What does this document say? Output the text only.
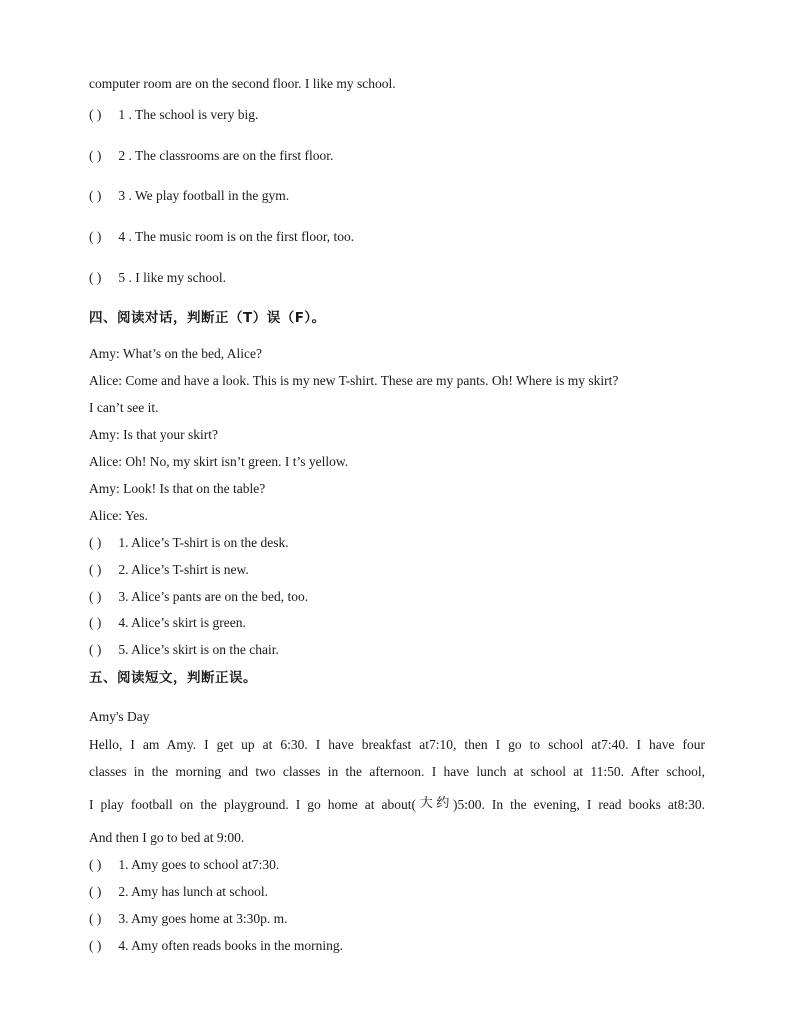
computer room are on the second floor. I like my school.
( ) 1 . The school is very big.
( ) 2 . The classrooms are on the first floor.
( ) 3 . We play football in the gym.
( ) 4 . The music room is on the first floor, too.
( ) 5 . I like my school.
四、阅读对话，判断正（T）误（F）。
Amy: What’s on the bed, Alice?
Alice: Come and have a look. This is my new T-shirt. These are my pants. Oh! Where is my skirt?
I can’t see it.
Amy: Is that your skirt?
Alice: Oh! No, my skirt isn’t green. I t’s yellow.
Amy: Look! Is that on the table?
Alice: Yes.
( ) 1. Alice’s T-shirt is on the desk.
( ) 2. Alice’s T-shirt is new.
( ) 3. Alice’s pants are on the bed, too.
( ) 4. Alice’s skirt is green.
( ) 5. Alice’s skirt is on the chair.
五、阅读短文，判断正误。
Amy's Day
Hello, I am Amy. I get up at 6:30. I have breakfast at7:10, then I go to school at7:40. I have four
classes in the morning and two classes in the afternoon. I have lunch at school at 11:50. After school,
I play football on the playground. I go home at about(大约)5:00. In the evening, I read books at8:30.
And then I go to bed at 9:00.
( ) 1. Amy goes to school at7:30.
( ) 2. Amy has lunch at school.
( ) 3. Amy goes home at 3:30p. m.
( ) 4. Amy often reads books in the morning.
